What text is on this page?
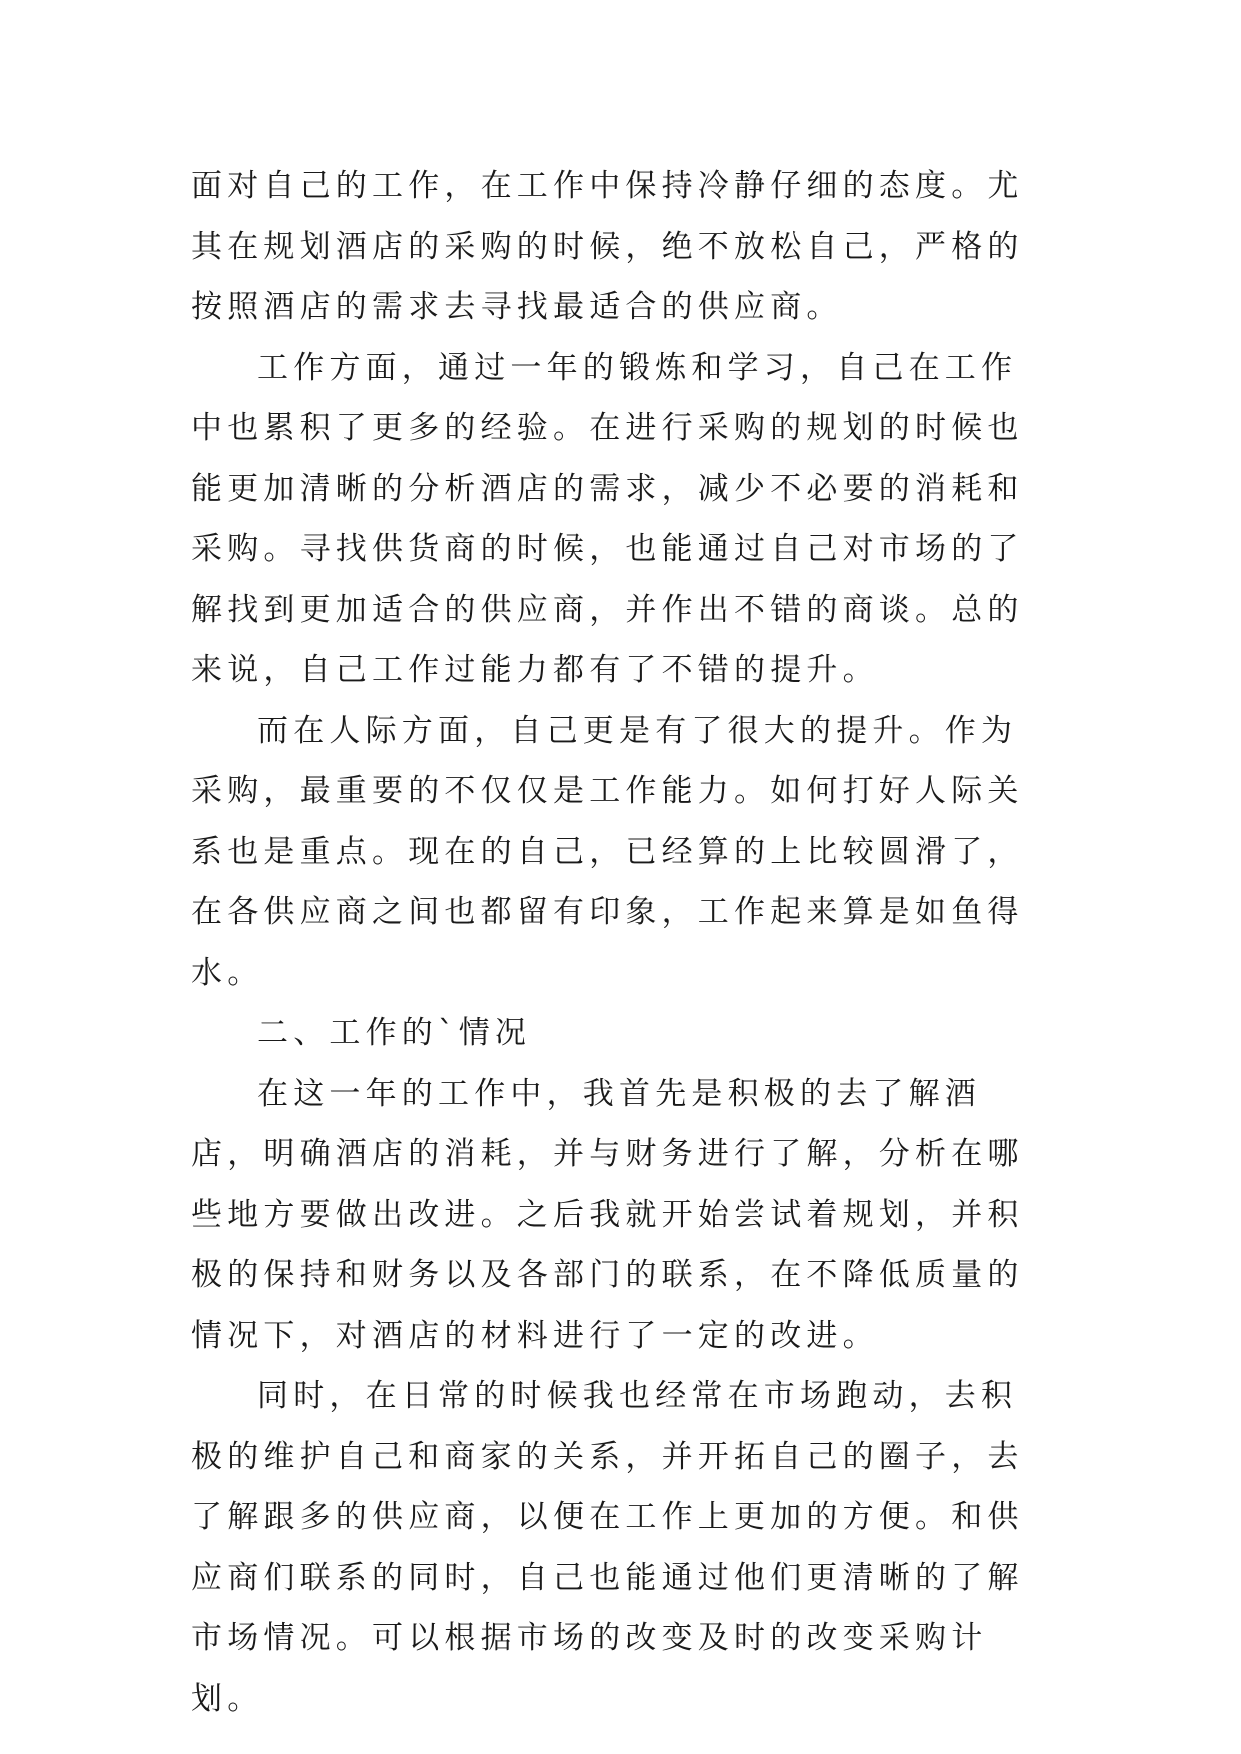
面对自己的工作，在工作中保持冷静仔细的态度。尤其在规划酒店的采购的时候，绝不放松自己，严格的按照酒店的需求去寻找最适合的供应商。

工作方面，通过一年的锻炼和学习，自己在工作中也累积了更多的经验。在进行采购的规划的时候也能更加清晰的分析酒店的需求，减少不必要的消耗和采购。寻找供货商的时候，也能通过自己对市场的了解找到更加适合的供应商，并作出不错的商谈。总的来说，自己工作过能力都有了不错的提升。

而在人际方面，自己更是有了很大的提升。作为采购，最重要的不仅仅是工作能力。如何打好人际关系也是重点。现在的自己，已经算的上比较圆滑了，在各供应商之间也都留有印象，工作起来算是如鱼得水。

二、工作的`情况

在这一年的工作中，我首先是积极的去了解酒店，明确酒店的消耗，并与财务进行了解，分析在哪些地方要做出改进。之后我就开始尝试着规划，并积极的保持和财务以及各部门的联系，在不降低质量的情况下，对酒店的材料进行了一定的改进。

同时，在日常的时候我也经常在市场跑动，去积极的维护自己和商家的关系，并开拓自己的圈子，去了解跟多的供应商，以便在工作上更加的方便。和供应商们联系的同时，自己也能通过他们更清晰的了解市场情况。可以根据市场的改变及时的改变采购计划。
